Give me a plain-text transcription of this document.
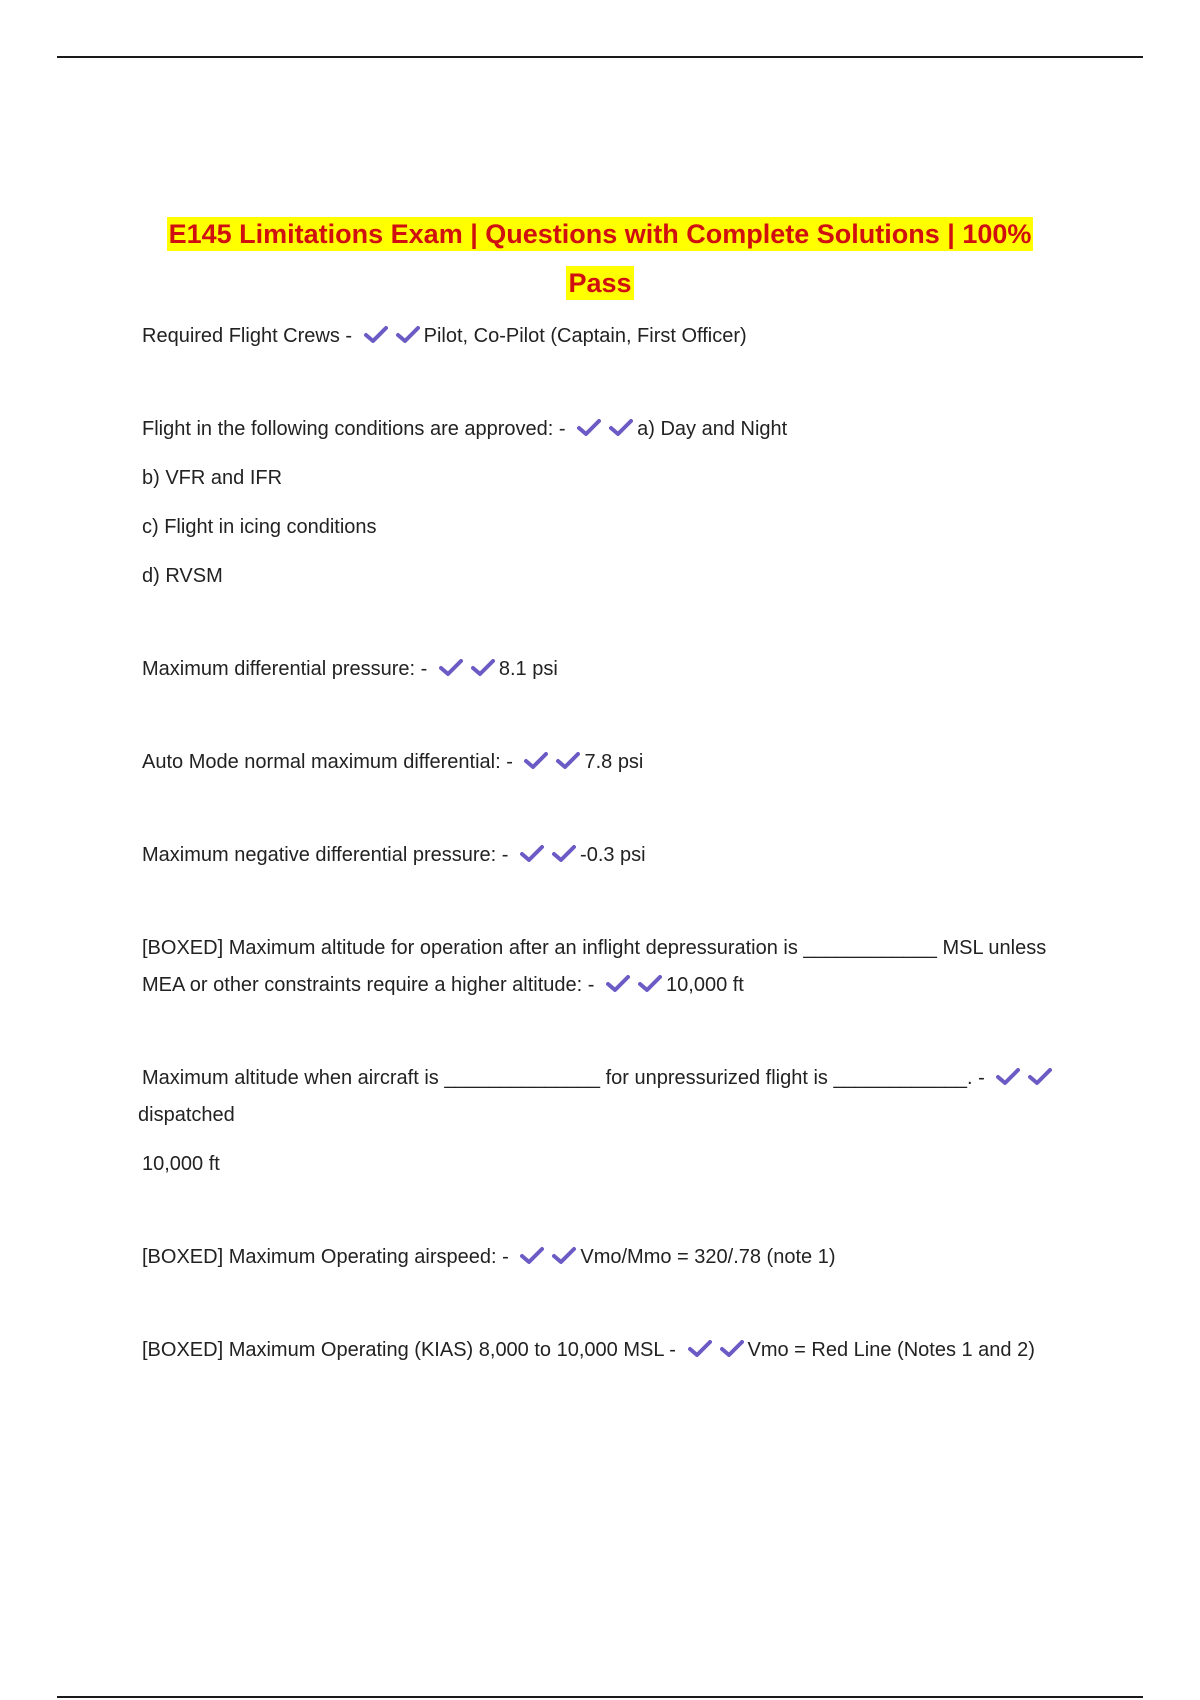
E145 Limitations Exam | Questions with Complete Solutions | 100% Pass
Required Flight Crews -	Pilot, Co-Pilot (Captain, First Officer)
Flight in the following conditions are approved: -	a) Day and Night
b) VFR and IFR
c) Flight in icing conditions
d) RVSM
Maximum differential pressure: -	8.1 psi
Auto Mode normal maximum differential: -	7.8 psi
Maximum negative differential pressure: -	-0.3 psi
[BOXED] Maximum altitude for operation after an inflight depressuration is ____________ MSL unless MEA or other constraints require a higher altitude: -	10,000 ft
Maximum altitude when aircraft is ______________ for unpressurized flight is ____________. - dispatched
10,000 ft
[BOXED] Maximum Operating airspeed: -	Vmo/Mmo = 320/.78 (note 1)
[BOXED] Maximum Operating (KIAS) 8,000 to 10,000 MSL -	Vmo = Red Line (Notes 1 and 2)
